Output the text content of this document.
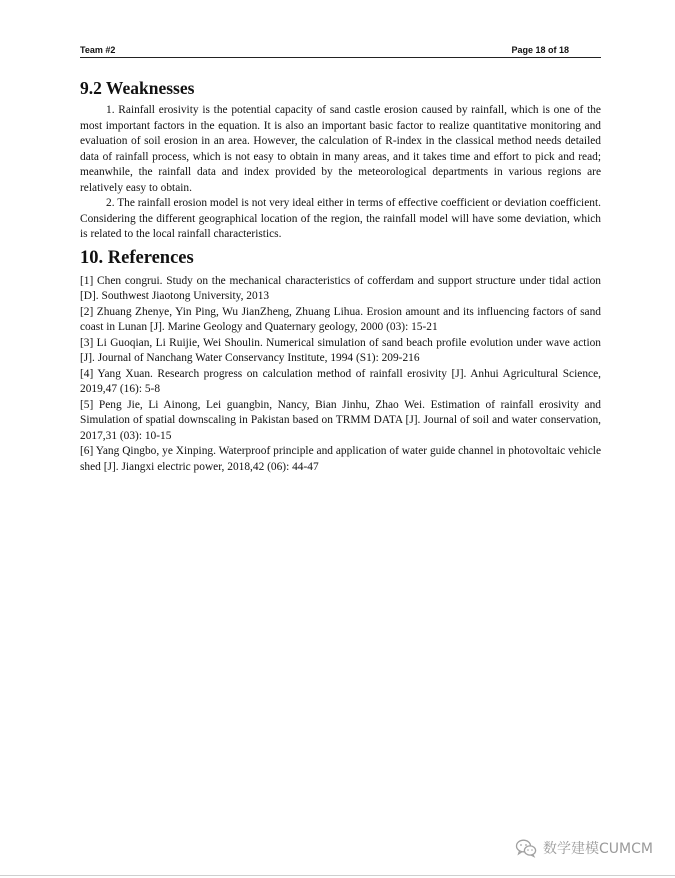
Team #2	Page 18 of 18
9.2 Weaknesses

1. Rainfall erosivity is the potential capacity of sand castle erosion caused by rainfall, which is one of the most important factors in the equation. It is also an important basic factor to realize quantitative monitoring and evaluation of soil erosion in an area. However, the calculation of R-index in the classical method needs detailed data of rainfall process, which is not easy to obtain in many areas, and it takes time and effort to pick and read; meanwhile, the rainfall data and index provided by the meteorological departments in various regions are relatively easy to obtain.

2. The rainfall erosion model is not very ideal either in terms of effective coefficient or deviation coefficient. Considering the different geographical location of the region, the rainfall model will have some deviation, which is related to the local rainfall characteristics.

10. References

[1] Chen congrui. Study on the mechanical characteristics of cofferdam and support structure under tidal action [D]. Southwest Jiaotong University, 2013

[2] Zhuang Zhenye, Yin Ping, Wu JianZheng, Zhuang Lihua. Erosion amount and its influencing factors of sand coast in Lunan [J]. Marine Geology and Quaternary geology, 2000 (03): 15-21

[3] Li Guoqian, Li Ruijie, Wei Shoulin. Numerical simulation of sand beach profile evolution under wave action [J]. Journal of Nanchang Water Conservancy Institute, 1994 (S1): 209-216

[4] Yang Xuan. Research progress on calculation method of rainfall erosivity [J]. Anhui Agricultural Science, 2019,47 (16): 5-8

[5] Peng Jie, Li Ainong, Lei guangbin, Nancy, Bian Jinhu, Zhao Wei. Estimation of rainfall erosivity and Simulation of spatial downscaling in Pakistan based on TRMM DATA [J]. Journal of soil and water conservation, 2017,31 (03): 10-15

[6] Yang Qingbo, ye Xinping. Waterproof principle and application of water guide channel in photovoltaic vehicle shed [J]. Jiangxi electric power, 2018,42 (06): 44-47

数学建模CUMCM
